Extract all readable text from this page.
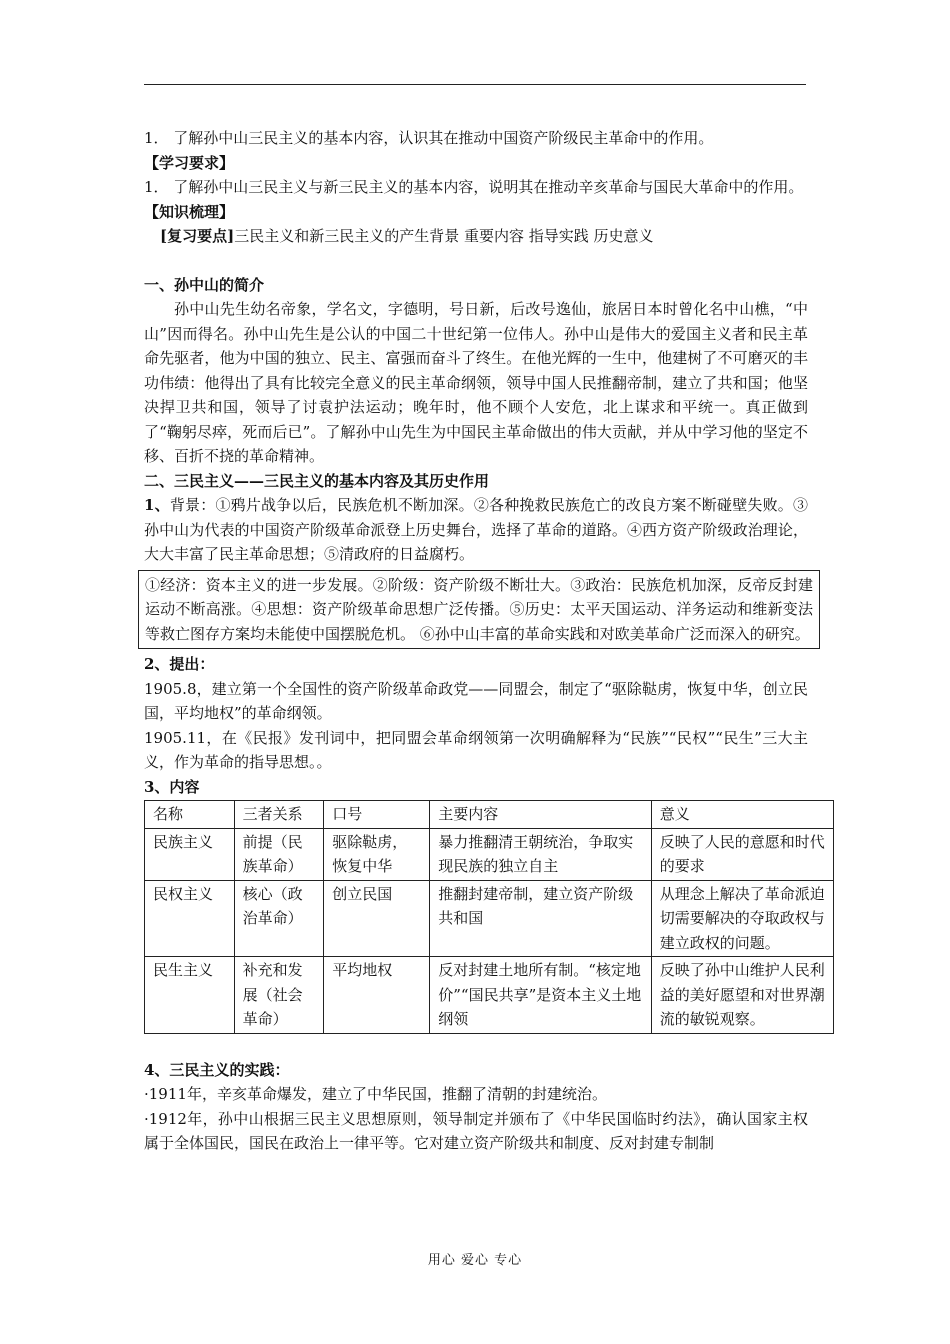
1． 了解孙中山三民主义的基本内容，认识其在推动中国资产阶级民主革命中的作用。

【学习要求】

1． 了解孙中山三民主义与新三民主义的基本内容，说明其在推动辛亥革命与国民大革命中的作用。

【知识梳理】

[复习要点]三民主义和新三民主义的产生背景 重要内容 指导实践 历史意义

一、孙中山的简介

孙中山先生幼名帝象，学名文，字德明，号日新，后改号逸仙，旅居日本时曾化名中山樵，“中山”因而得名。孙中山先生是公认的中国二十世纪第一位伟人。孙中山是伟大的爱国主义者和民主革命先驱者，他为中国的独立、民主、富强而奋斗了终生。在他光辉的一生中，他建树了不可磨灭的丰功伟绩：他得出了具有比较完全意义的民主革命纲领，领导中国人民推翻帝制，建立了共和国；他坚决捍卫共和国，领导了讨袁护法运动；晚年时，他不顾个人安危，北上谋求和平统一。真正做到了“鞠躬尽瘁，死而后已”。了解孙中山先生为中国民主革命做出的伟大贡献，并从中学习他的坚定不移、百折不挠的革命精神。

二、三民主义——三民主义的基本内容及其历史作用

1、背景：①鸦片战争以后，民族危机不断加深。②各种挽救民族危亡的改良方案不断碰壁失败。③孙中山为代表的中国资产阶级革命派登上历史舞台，选择了革命的道路。④西方资产阶级政治理论，大大丰富了民主革命思想；⑤清政府的日益腐朽。

①经济：资本主义的进一步发展。②阶级：资产阶级不断壮大。③政治：民族危机加深，反帝反封建运动不断高涨。④思想：资产阶级革命思想广泛传播。⑤历史：太平天国运动、洋务运动和维新变法等救亡图存方案均未能使中国摆脱危机。 ⑥孙中山丰富的革命实践和对欧美革命广泛而深入的研究。

2、提出：

1905.8，建立第一个全国性的资产阶级革命政党——同盟会，制定了“驱除鞑虏，恢复中华，创立民国，平均地权”的革命纲领。

1905.11，在《民报》发刊词中，把同盟会革命纲领第一次明确解释为“民族”“民权”“民生”三大主义，作为革命的指导思想。。

3、内容

名称	三者关系	口号	主要内容	意义
民族主义	前提（民族革命）	驱除鞑虏，恢复中华	暴力推翻清王朝统治，争取实现民族的独立自主	反映了人民的意愿和时代的要求
民权主义	核心（政治革命）	创立民国	推翻封建帝制，建立资产阶级共和国	从理念上解决了革命派迫切需要解决的夺取政权与建立政权的问题。
民生主义	补充和发展（社会革命）	平均地权	反对封建土地所有制。“核定地价”“国民共享”是资本主义土地纲领	反映了孙中山维护人民利益的美好愿望和对世界潮流的敏锐观察。

4、三民主义的实践：

·1911年，辛亥革命爆发，建立了中华民国，推翻了清朝的封建统治。

·1912年，孙中山根据三民主义思想原则，领导制定并颁布了《中华民国临时约法》，确认国家主权属于全体国民，国民在政治上一律平等。它对建立资产阶级共和制度、反对封建专制制

用心 爱心 专心
